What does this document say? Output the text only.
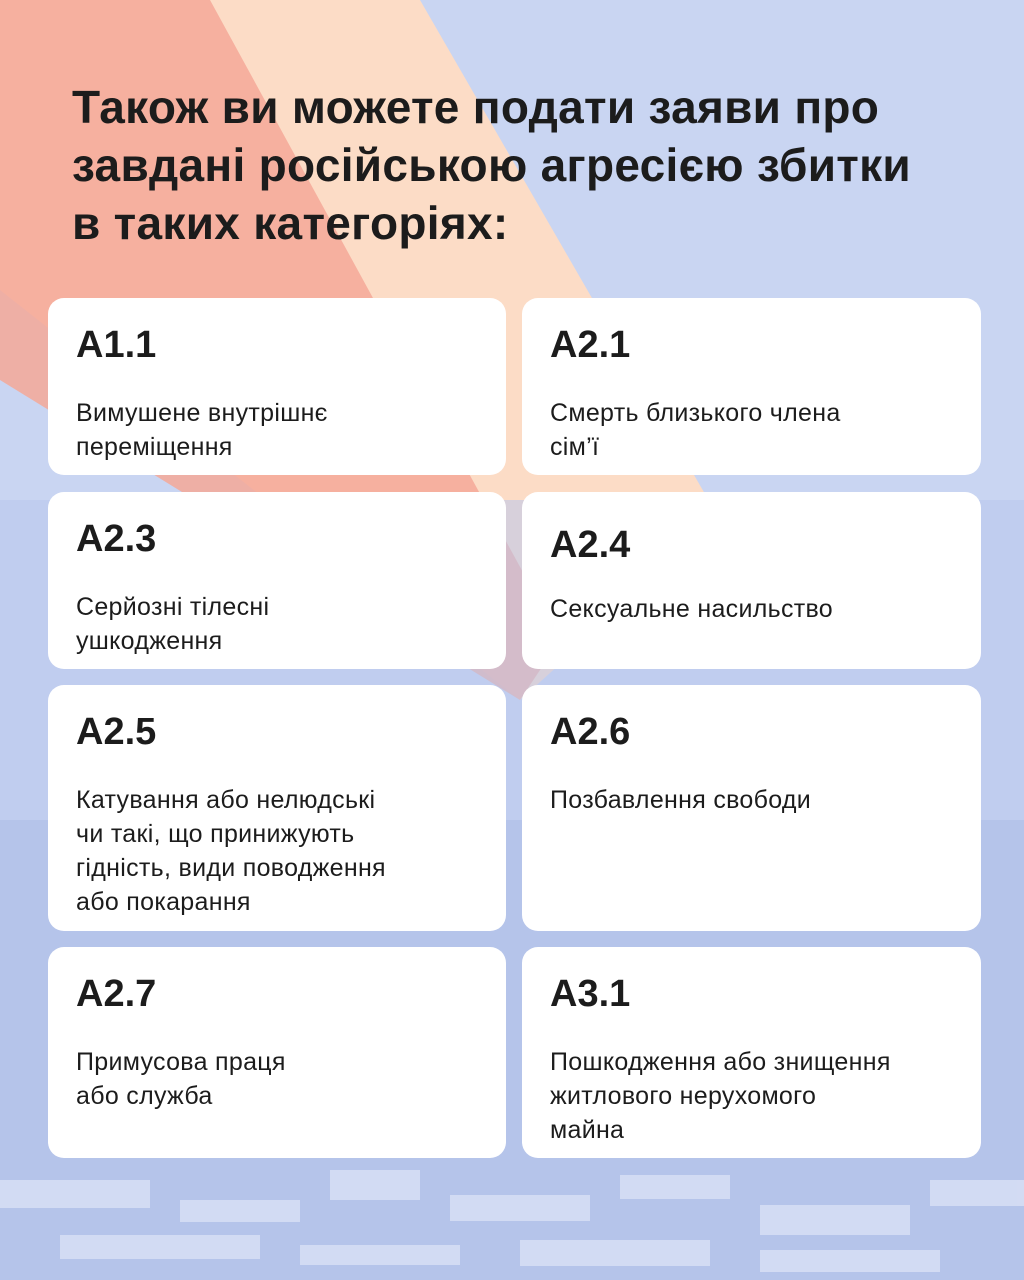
Також ви можете подати заяви про
завдані російською агресією збитки
в таких категоріях:
A1.1
Вимушене внутрішнє
переміщення
A2.1
Смерть близького члена
сім’ї
A2.3
Серйозні тілесні
ушкодження
A2.4
Сексуальне насильство
A2.5
Катування або нелюдські
чи такі, що принижують
гідність, види поводження
або покарання
A2.6
Позбавлення свободи
A2.7
Примусова праця
або служба
A3.1
Пошкодження або знищення
житлового нерухомого
майна
